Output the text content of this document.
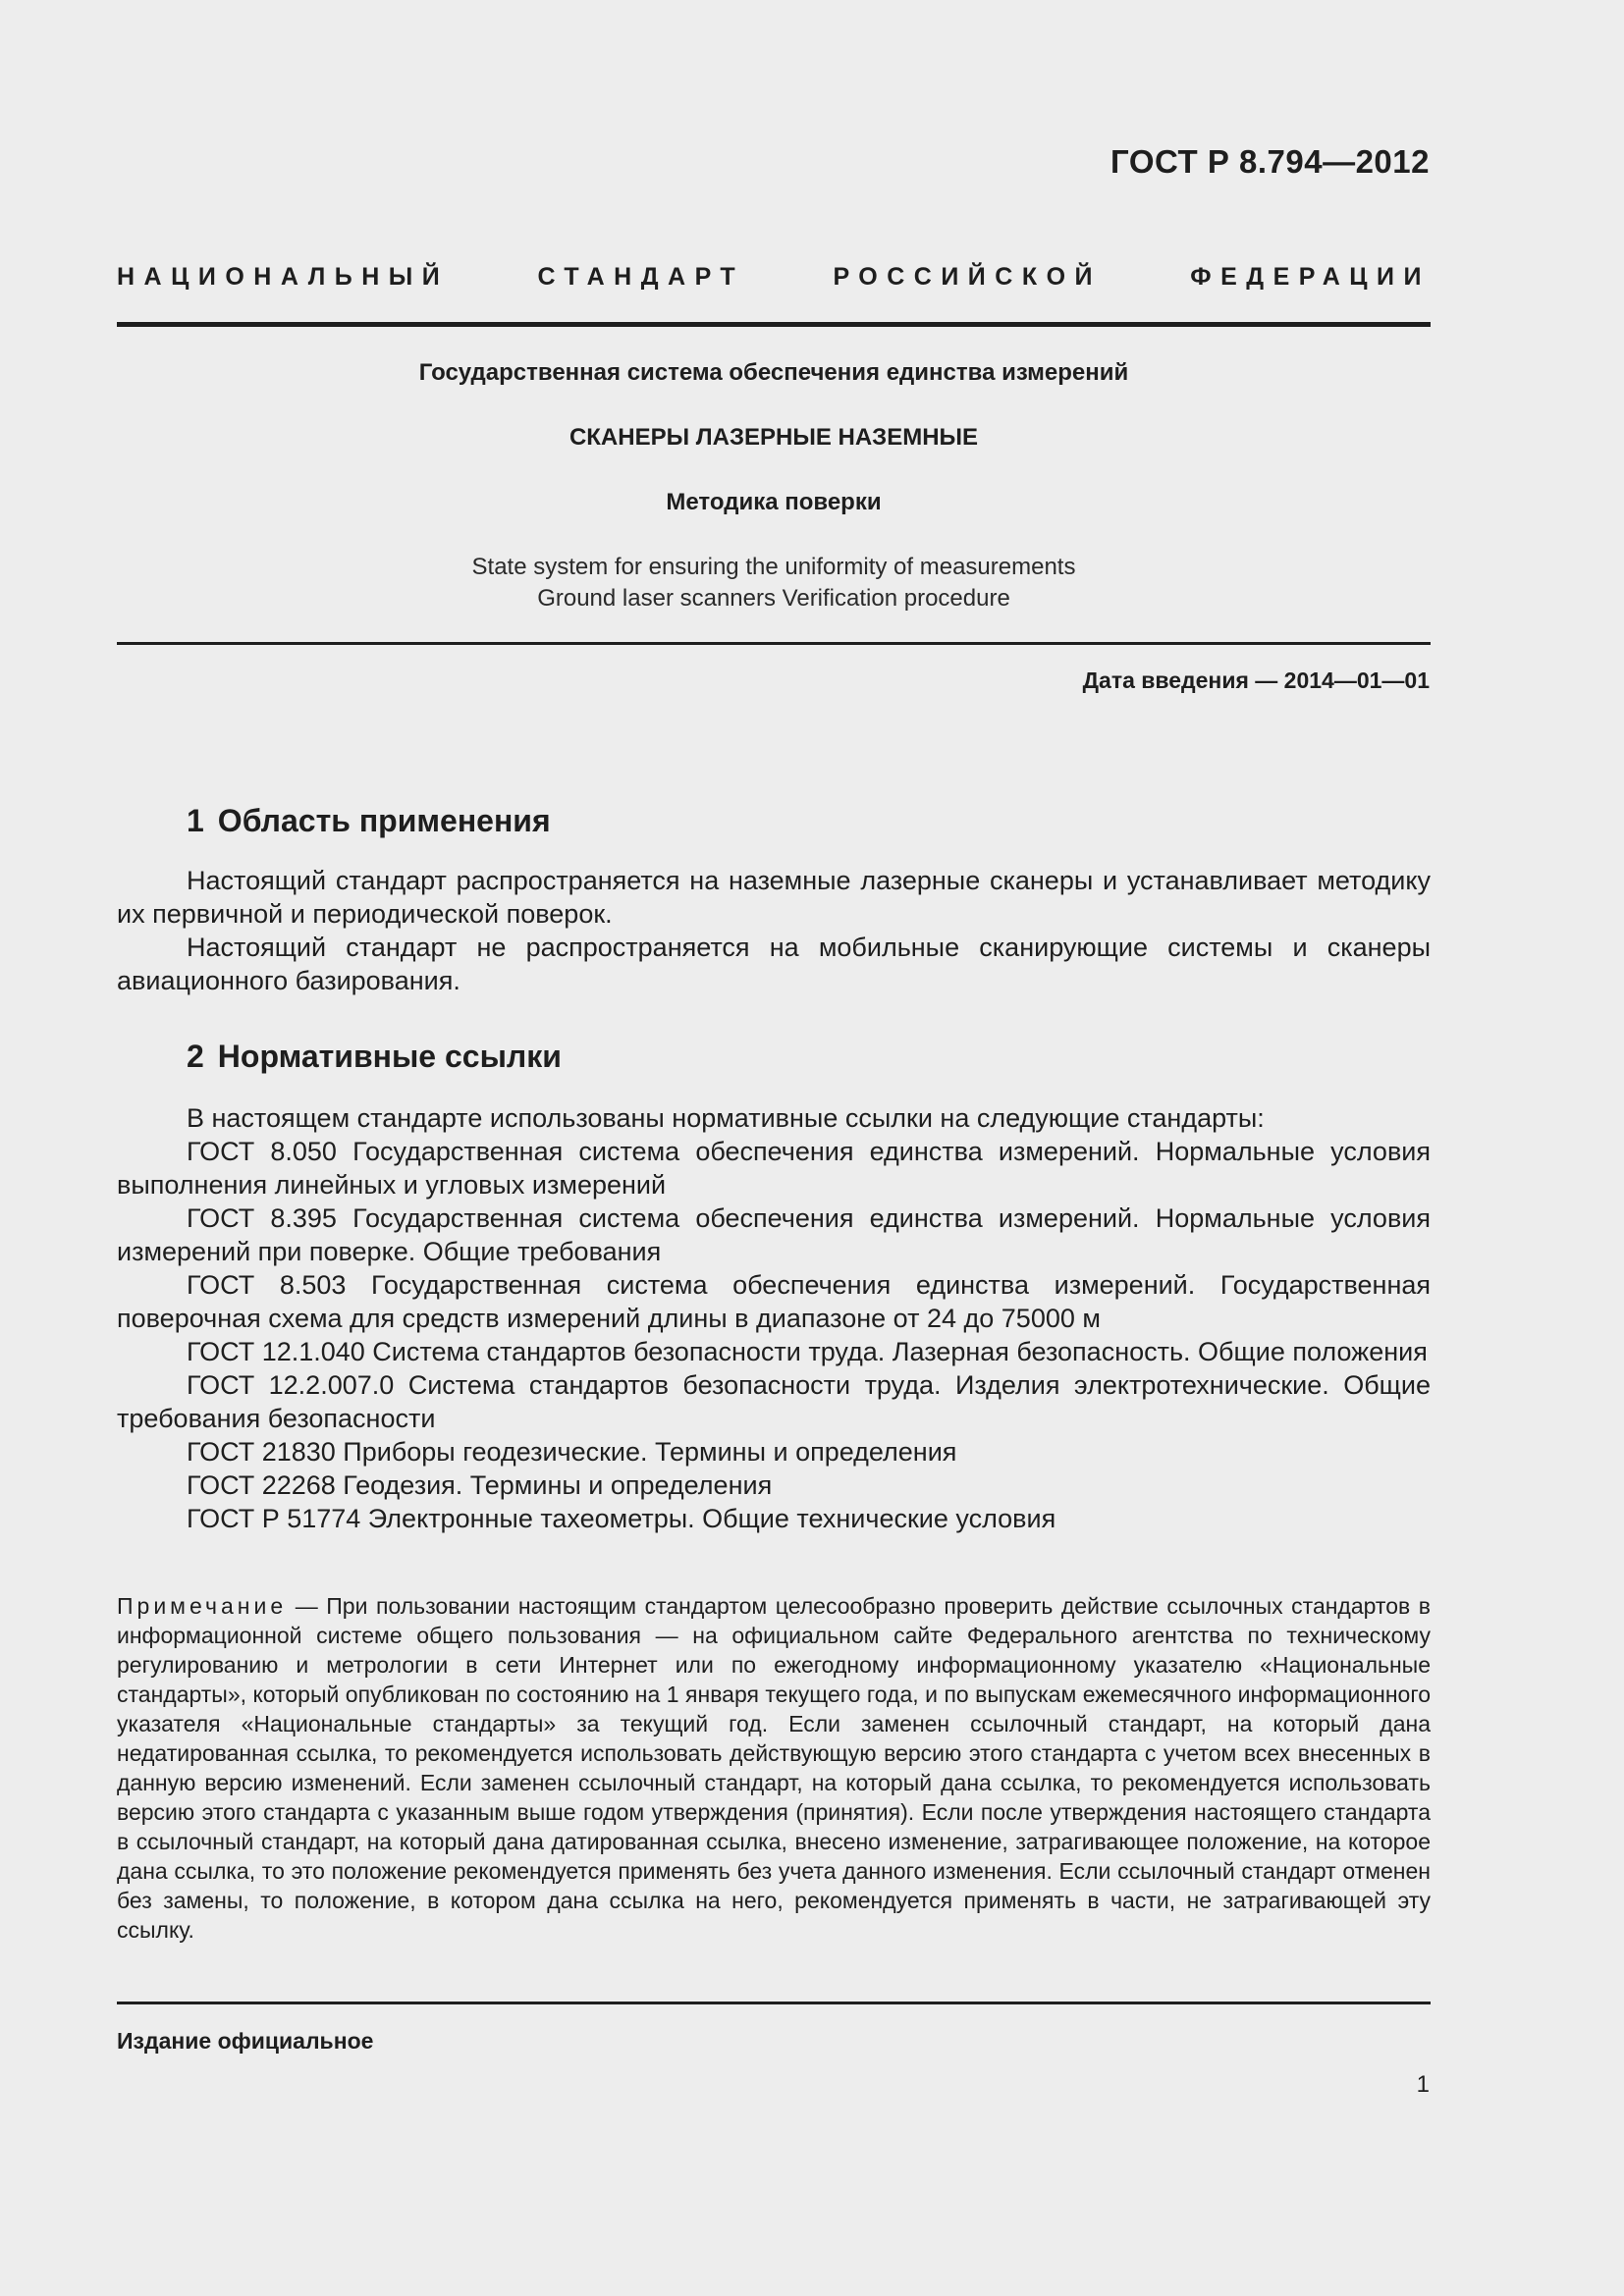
ГОСТ Р 8.794—2012
НАЦИОНАЛЬНЫЙ СТАНДАРТ РОССИЙСКОЙ ФЕДЕРАЦИИ
Государственная система обеспечения единства измерений
СКАНЕРЫ ЛАЗЕРНЫЕ НАЗЕМНЫЕ
Методика поверки
State system for ensuring the uniformity of measurements
Ground laser scanners Verification procedure
Дата введения — 2014—01—01
1 Область применения

Настоящий стандарт распространяется на наземные лазерные сканеры и устанавливает методику их первичной и периодической поверок.

Настоящий стандарт не распространяется на мобильные сканирующие системы и сканеры авиационного базирования.

2 Нормативные ссылки

В настоящем стандарте использованы нормативные ссылки на следующие стандарты:

ГОСТ 8.050 Государственная система обеспечения единства измерений. Нормальные условия выполнения линейных и угловых измерений

ГОСТ 8.395 Государственная система обеспечения единства измерений. Нормальные условия измерений при поверке. Общие требования

ГОСТ 8.503 Государственная система обеспечения единства измерений. Государственная поверочная схема для средств измерений длины в диапазоне от 24 до 75000 м

ГОСТ 12.1.040 Система стандартов безопасности труда. Лазерная безопасность. Общие положения

ГОСТ 12.2.007.0 Система стандартов безопасности труда. Изделия электротехнические. Общие требования безопасности

ГОСТ 21830 Приборы геодезические. Термины и определения

ГОСТ 22268 Геодезия. Термины и определения

ГОСТ Р 51774 Электронные тахеометры. Общие технические условия

Примечание — При пользовании настоящим стандартом целесообразно проверить действие ссылочных стандартов в информационной системе общего пользования — на официальном сайте Федерального агентства по техническому регулированию и метрологии в сети Интернет или по ежегодному информационному указателю «Национальные стандарты», который опубликован по состоянию на 1 января текущего года, и по выпускам ежемесячного информационного указателя «Национальные стандарты» за текущий год. Если заменен ссылочный стандарт, на который дана недатированная ссылка, то рекомендуется использовать действующую версию этого стандарта с учетом всех внесенных в данную версию изменений. Если заменен ссылочный стандарт, на который дана ссылка, то рекомендуется использовать версию этого стандарта с указанным выше годом утверждения (принятия). Если после утверждения настоящего стандарта в ссылочный стандарт, на который дана датированная ссылка, внесено изменение, затрагивающее положение, на которое дана ссылка, то это положение рекомендуется применять без учета данного изменения. Если ссылочный стандарт отменен без замены, то положение, в котором дана ссылка на него, рекомендуется применять в части, не затрагивающей эту ссылку.
Издание официальное
1
